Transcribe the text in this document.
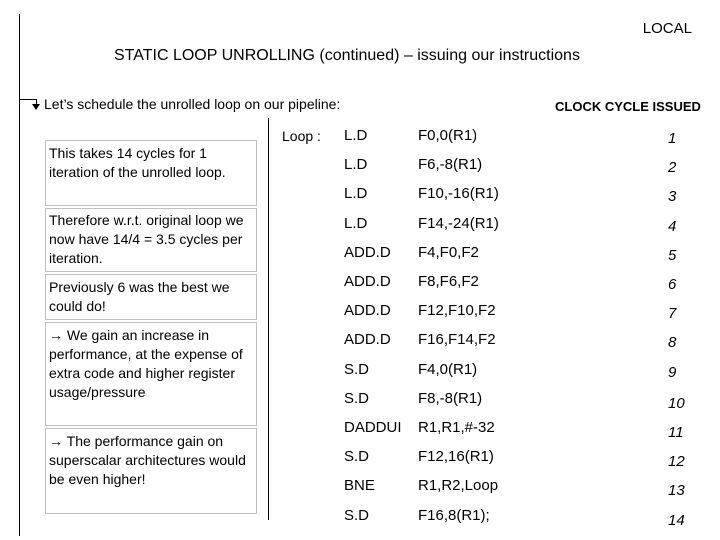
LOCAL
STATIC LOOP UNROLLING (continued) – issuing our instructions
Let’s schedule the unrolled loop on our pipeline:	CLOCK CYCLE ISSUED
This takes 14 cycles for 1 iteration of the unrolled loop.
Therefore w.r.t. original loop we now have 14/4 = 3.5 cycles per iteration.
Previously 6 was the best we could do!
→ We gain an increase in performance, at the expense of extra code and higher register usage/pressure
→ The performance gain on superscalar architectures would be even higher!
Loop : L.D	F0,0(R1)	1
L.D	F6,-8(R1)	2
L.D	F10,-16(R1)	3
L.D	F14,-24(R1)	4
ADD.D F4,F0,F2	5
ADD.D F8,F6,F2	6
ADD.D F12,F10,F2	7
ADD.D F16,F14,F2	8
S.D	F4,0(R1)	9
S.D	F8,-8(R1)	10
DADDUI R1,R1,#-32	11
S.D	F12,16(R1)	12
BNE	R1,R2,Loop	13
S.D	F16,8(R1);	14
